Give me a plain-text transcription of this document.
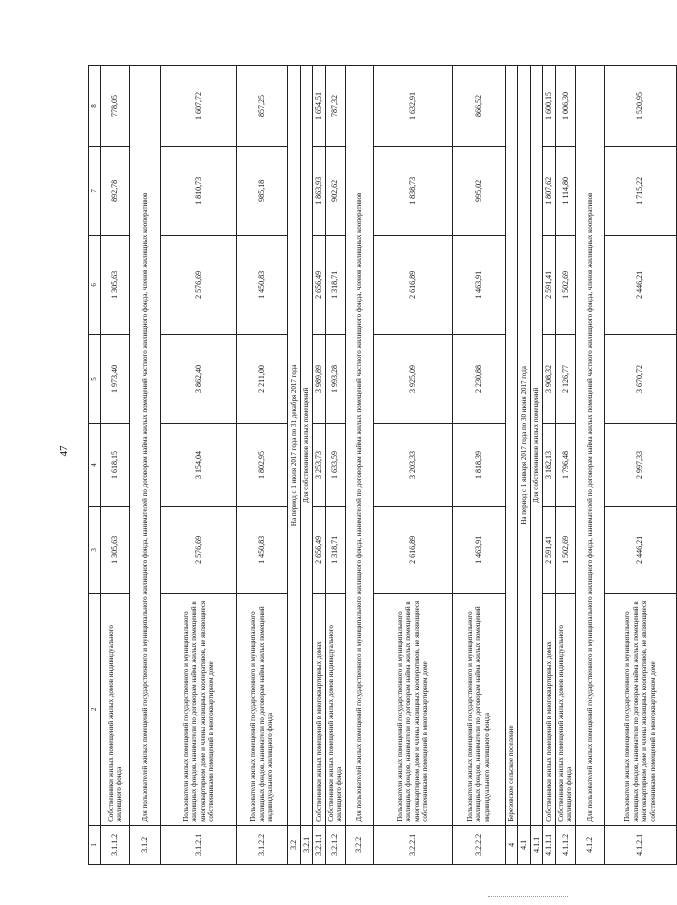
47
1	2	3	4	5	6	7	8
3.1.1.2	Собственники жилых помещений жилых домов индивидуального жилищного фонда	1 305,63	1 618,15	1 973,40	1 305,63	892,78	778,05
3.1.2	Для пользователей жилых помещений государственного и муниципального жилищного фонда, нанимателей по договорам найма жилых помещений частного жилищного фонда, членов жилищных кооперативов						
3.1.2.1	Пользователи жилых помещений государственного и муниципального жилищных фондов, наниматели по договорам найма жилых помещений в многоквартирном доме и члены жилищных кооперативов, не являющиеся собственниками помещений в многоквартирном доме	2 576,69	3 154,04	3 862,40	2 576,69	1 810,73	1 607,72
3.1.2.2	Пользователи жилых помещений государственного и муниципального жилищных фондов, наниматели по договорам найма жилых помещений индивидуального жилищного фонда	1 450,83	1 802,95	2 211,00	1 450,83	985,18	857,25
3.2	На период с 1 июля 2017 года по 31 декабря 2017 года						
3.2.1	Для собственников жилых помещений						
3.2.1.1	Собственники жилых помещений в многоквартирных домах	2 656,49	3 253,73	3 989,89	2 656,49	1 863,93	1 654,51
3.2.1.2	Собственники жилых помещений жилых домов индивидуального жилищного фонда	1 318,71	1 633,59	1 993,28	1 318,71	902,62	787,32
3.2.2	Для пользователей жилых помещений государственного и муниципального жилищного фонда, нанимателей по договорам найма жилых помещений частного жилищного фонда, членов жилищных кооперативов						
3.2.2.1	Пользователи жилых помещений государственного и муниципального жилищных фондов, наниматели по договорам найма жилых помещений в многоквартирном доме и члены жилищных кооперативов, не являющиеся собственниками помещений в многоквартирном доме	2 616,89	3 203,33	3 925,09	2 616,89	1 838,73	1 632,91
3.2.2.2	Пользователи жилых помещений государственного и муниципального жилищных фондов, наниматели по договорам найма жилых помещений индивидуального жилищного фонда	1 463,91	1 818,39	2 230,88	1 463,91	995,02	866,52
4	Березовское сельское поселение						
4.1	На период с 1 января 2017 года по 30 июня 2017 года						
4.1.1	Для собственников жилых помещений						
4.1.1.1	Собственники жилых помещений в многоквартирных домах	2 591,41	3 182,13	3 908,32	2 591,41	1 807,62	1 600,15
4.1.1.2	Собственники жилых помещений жилых домов индивидуального жилищного фонда	1 502,69	1 796,48	2 126,77	1 502,69	1 114,80	1 006,30
4.1.2	Для пользователей жилых помещений государственного и муниципального жилищного фонда, нанимателей по договорам найма жилых помещений частного жилищного фонда, членов жилищных кооперативов						
4.1.2.1	Пользователи жилых помещений государственного и муниципального жилищных фондов, наниматели по договорам найма жилых помещений в многоквартирном доме и члены жилищных кооперативов, не являющиеся собственниками помещений в многоквартирном доме	2 446,21	2 997,33	3 670,72	2 446,21	1 715,22	1 520,95
